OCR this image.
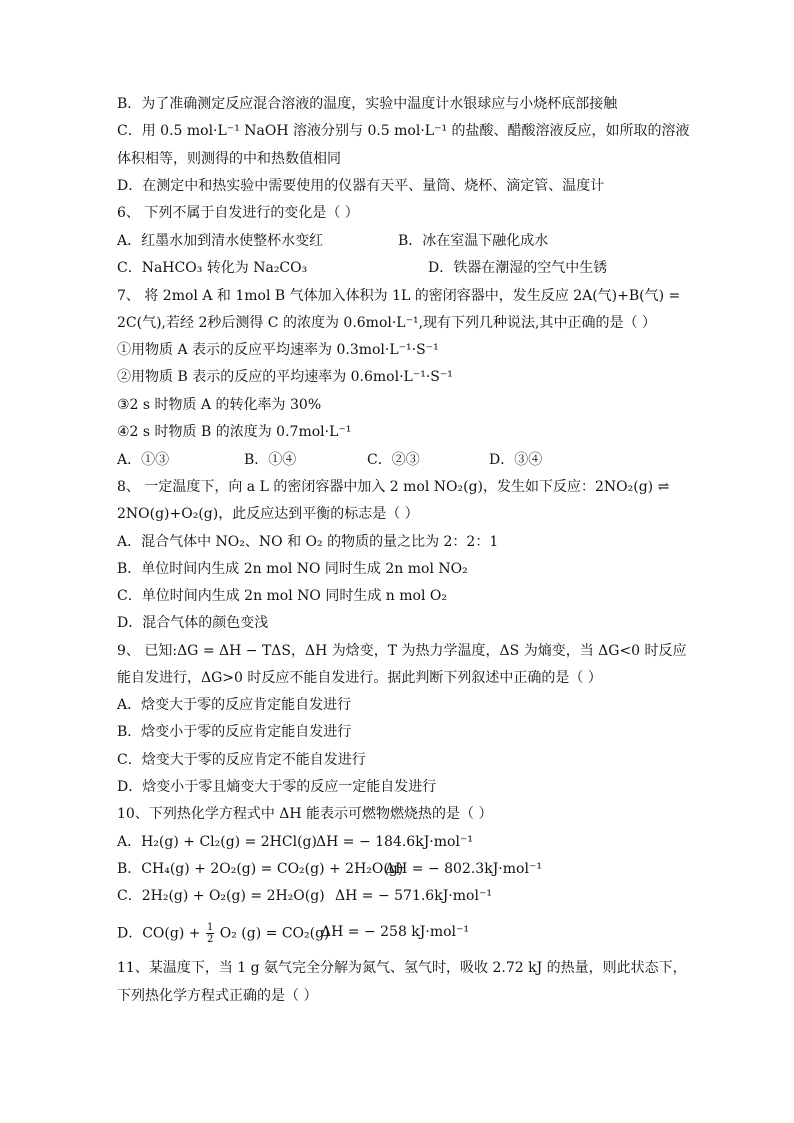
B．为了准确测定反应混合溶液的温度，实验中温度计水银球应与小烧杯底部接触
C．用 0.5 mol·L⁻¹ NaOH 溶液分别与 0.5 mol·L⁻¹ 的盐酸、醋酸溶液反应，如所取的溶液
体积相等，则测得的中和热数值相同
D．在测定中和热实验中需要使用的仪器有天平、量筒、烧杯、滴定管、温度计
6、 下列不属于自发进行的变化是（ ）
A．红墨水加到清水使整杯水变红	B．冰在室温下融化成水
C．NaHCO₃ 转化为 Na₂CO₃	D．铁器在潮湿的空气中生锈
7、 将 2mol A 和 1mol B 气体加入体积为 1L 的密闭容器中，发生反应 2A(气)+B(气) =
2C(气),若经 2秒后测得 C 的浓度为 0.6mol·L⁻¹,现有下列几种说法,其中正确的是（ ）
①用物质 A 表示的反应平均速率为 0.3mol·L⁻¹·S⁻¹
②用物质 B 表示的反应的平均速率为 0.6mol·L⁻¹·S⁻¹
③2 s 时物质 A 的转化率为 30%
④2 s 时物质 B 的浓度为 0.7mol·L⁻¹
A．①③	B．①④	C．②③	D．③④
8、 一定温度下，向 a L 的密闭容器中加入 2 mol NO₂(g)，发生如下反应：2NO₂(g) ⇌
2NO(g)+O₂(g)，此反应达到平衡的标志是（ ）
A．混合气体中 NO₂、NO 和 O₂ 的物质的量之比为 2：2：1
B．单位时间内生成 2n mol NO 同时生成 2n mol NO₂
C．单位时间内生成 2n mol NO 同时生成 n mol O₂
D．混合气体的颜色变浅
9、 已知:ΔG = ΔH − TΔS，ΔH 为焓变，T 为热力学温度，ΔS 为熵变，当 ΔG<0 时反应
能自发进行，ΔG>0 时反应不能自发进行。据此判断下列叙述中正确的是（ ）
A．焓变大于零的反应肯定能自发进行
B．焓变小于零的反应肯定能自发进行
C．焓变大于零的反应肯定不能自发进行
D．焓变小于零且熵变大于零的反应一定能自发进行
10、下列热化学方程式中 ΔH 能表示可燃物燃烧热的是（ ）
A．H₂(g) + Cl₂(g) = 2HCl(g) ΔH = − 184.6kJ·mol⁻¹
B．CH₄(g) + 2O₂(g) = CO₂(g) + 2H₂O(g)
ΔH = − 802.3kJ·mol⁻¹
C．2H₂(g) + O₂(g) = 2H₂O(g) ΔH = − 571.6kJ·mol⁻¹
D．$CO(g) + \frac{1}{2} O_2$ (g) = CO₂(g)
ΔH = − 258 kJ·mol⁻¹
11、某温度下，当 1 g 氨气完全分解为氮气、氢气时，吸收 2.72 kJ 的热量，则此状态下，
下列热化学方程式正确的是（ ）
